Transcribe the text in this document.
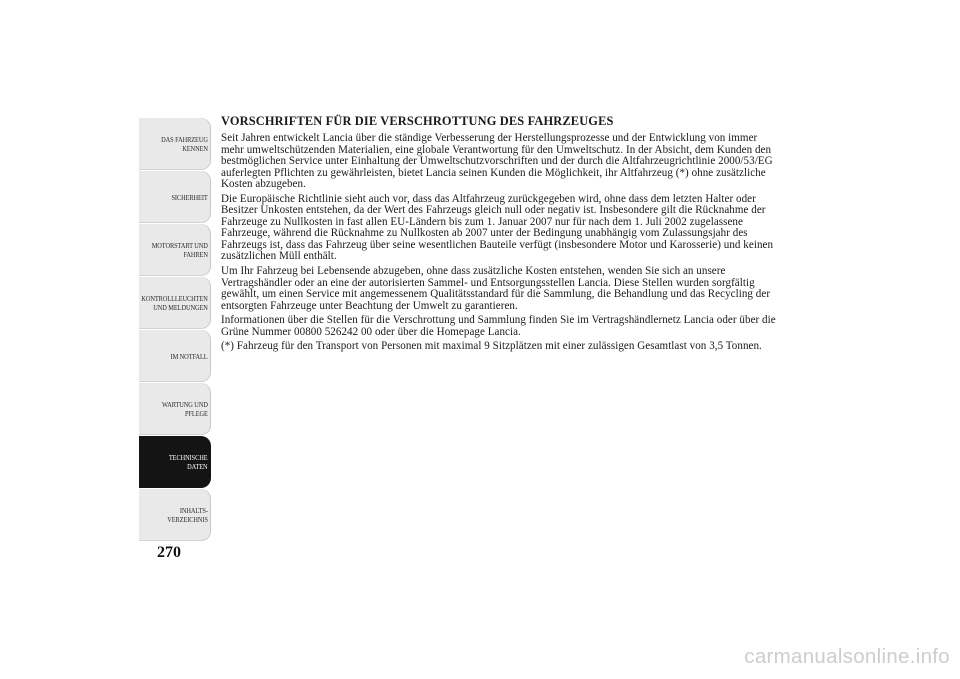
DAS FAHRZEUG
KENNEN
SICHERHEIT
MOTORSTART UND
FAHREN
KONTROLLLEUCHTEN
UND MELDUNGEN
IM NOTFALL
WARTUNG UND
PFLEGE
TECHNISCHE
DATEN
INHALTS-
VERZEICHNIS
270
VORSCHRIFTEN FÜR DIE VERSCHROTTUNG DES FAHRZEUGES

Seit Jahren entwickelt Lancia über die ständige Verbesserung der Herstellungsprozesse und der Entwicklung von immer mehr umweltschützenden Materialien, eine globale Verantwortung für den Umweltschutz. In der Absicht, dem Kunden den bestmöglichen Service unter Einhaltung der Umweltschutzvorschriften und der durch die Altfahrzeugrichtlinie 2000/53/EG auferlegten Pflichten zu gewährleisten, bietet Lancia seinen Kunden die Möglichkeit, ihr Altfahrzeug (*) ohne zusätzliche Kosten abzugeben.

Die Europäische Richtlinie sieht auch vor, dass das Altfahrzeug zurückgegeben wird, ohne dass dem letzten Halter oder Besitzer Unkosten entstehen, da der Wert des Fahrzeugs gleich null oder negativ ist. Insbesondere gilt die Rücknahme der Fahrzeuge zu Nullkosten in fast allen EU-Ländern bis zum 1. Januar 2007 nur für nach dem 1. Juli 2002 zugelassene Fahrzeuge, während die Rücknahme zu Nullkosten ab 2007 unter der Bedingung unabhängig vom Zulassungsjahr des Fahrzeugs ist, dass das Fahrzeug über seine wesentlichen Bauteile verfügt (insbesondere Motor und Karosserie) und keinen zusätzlichen Müll enthält.

Um Ihr Fahrzeug bei Lebensende abzugeben, ohne dass zusätzliche Kosten entstehen, wenden Sie sich an unsere Vertragshändler oder an eine der autorisierten Sammel- und Entsorgungsstellen Lancia. Diese Stellen wurden sorgfältig gewählt, um einen Service mit angemessenem Qualitätsstandard für die Sammlung, die Behandlung und das Recycling der entsorgten Fahrzeuge unter Beachtung der Umwelt zu garantieren.

Informationen über die Stellen für die Verschrottung und Sammlung finden Sie im Vertragshändlernetz Lancia oder über die Grüne Nummer 00800 526242 00 oder über die Homepage Lancia.

(*) Fahrzeug für den Transport von Personen mit maximal 9 Sitzplätzen mit einer zulässigen Gesamtlast von 3,5 Tonnen.

carmanualsonline.info
